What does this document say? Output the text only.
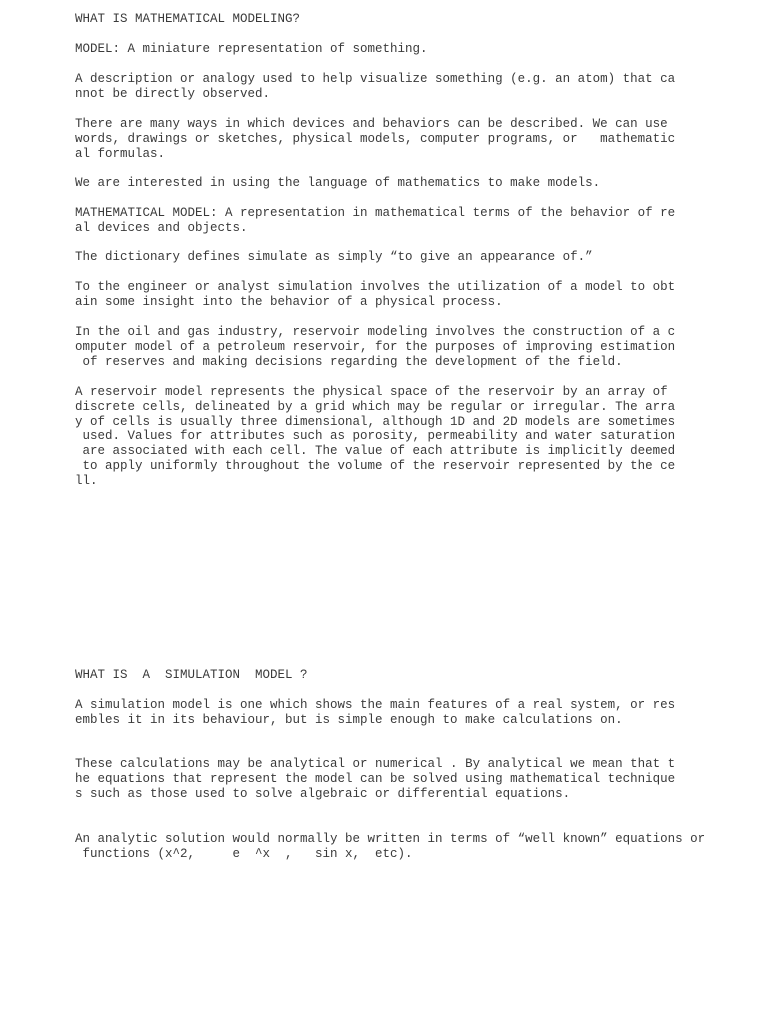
WHAT IS MATHEMATICAL MODELING?

MODEL: A miniature representation of something.

A description or analogy used to help visualize something (e.g. an atom) that ca
nnot be directly observed.

There are many ways in which devices and behaviors can be described. We can use
words, drawings or sketches, physical models, computer programs, or   mathematic
al formulas.

We are interested in using the language of mathematics to make models.

MATHEMATICAL MODEL: A representation in mathematical terms of the behavior of re
al devices and objects.

The dictionary defines simulate as simply “to give an appearance of.”

To the engineer or analyst simulation involves the utilization of a model to obt
ain some insight into the behavior of a physical process.

In the oil and gas industry, reservoir modeling involves the construction of a c
omputer model of a petroleum reservoir, for the purposes of improving estimation
of reserves and making decisions regarding the development of the field.

A reservoir model represents the physical space of the reservoir by an array of
discrete cells, delineated by a grid which may be regular or irregular. The arra
y of cells is usually three dimensional, although 1D and 2D models are sometimes
used. Values for attributes such as porosity, permeability and water saturation
are associated with each cell. The value of each attribute is implicitly deemed
to apply uniformly throughout the volume of the reservoir represented by the ce
ll.

WHAT IS  A  SIMULATION  MODEL ?

A simulation model is one which shows the main features of a real system, or res
embles it in its behaviour, but is simple enough to make calculations on.

These calculations may be analytical or numerical . By analytical we mean that t
he equations that represent the model can be solved using mathematical technique
s such as those used to solve algebraic or differential equations.

An analytic solution would normally be written in terms of “well known” equations or
functions (x^2,     e  ^x  ,   sin x,  etc).
